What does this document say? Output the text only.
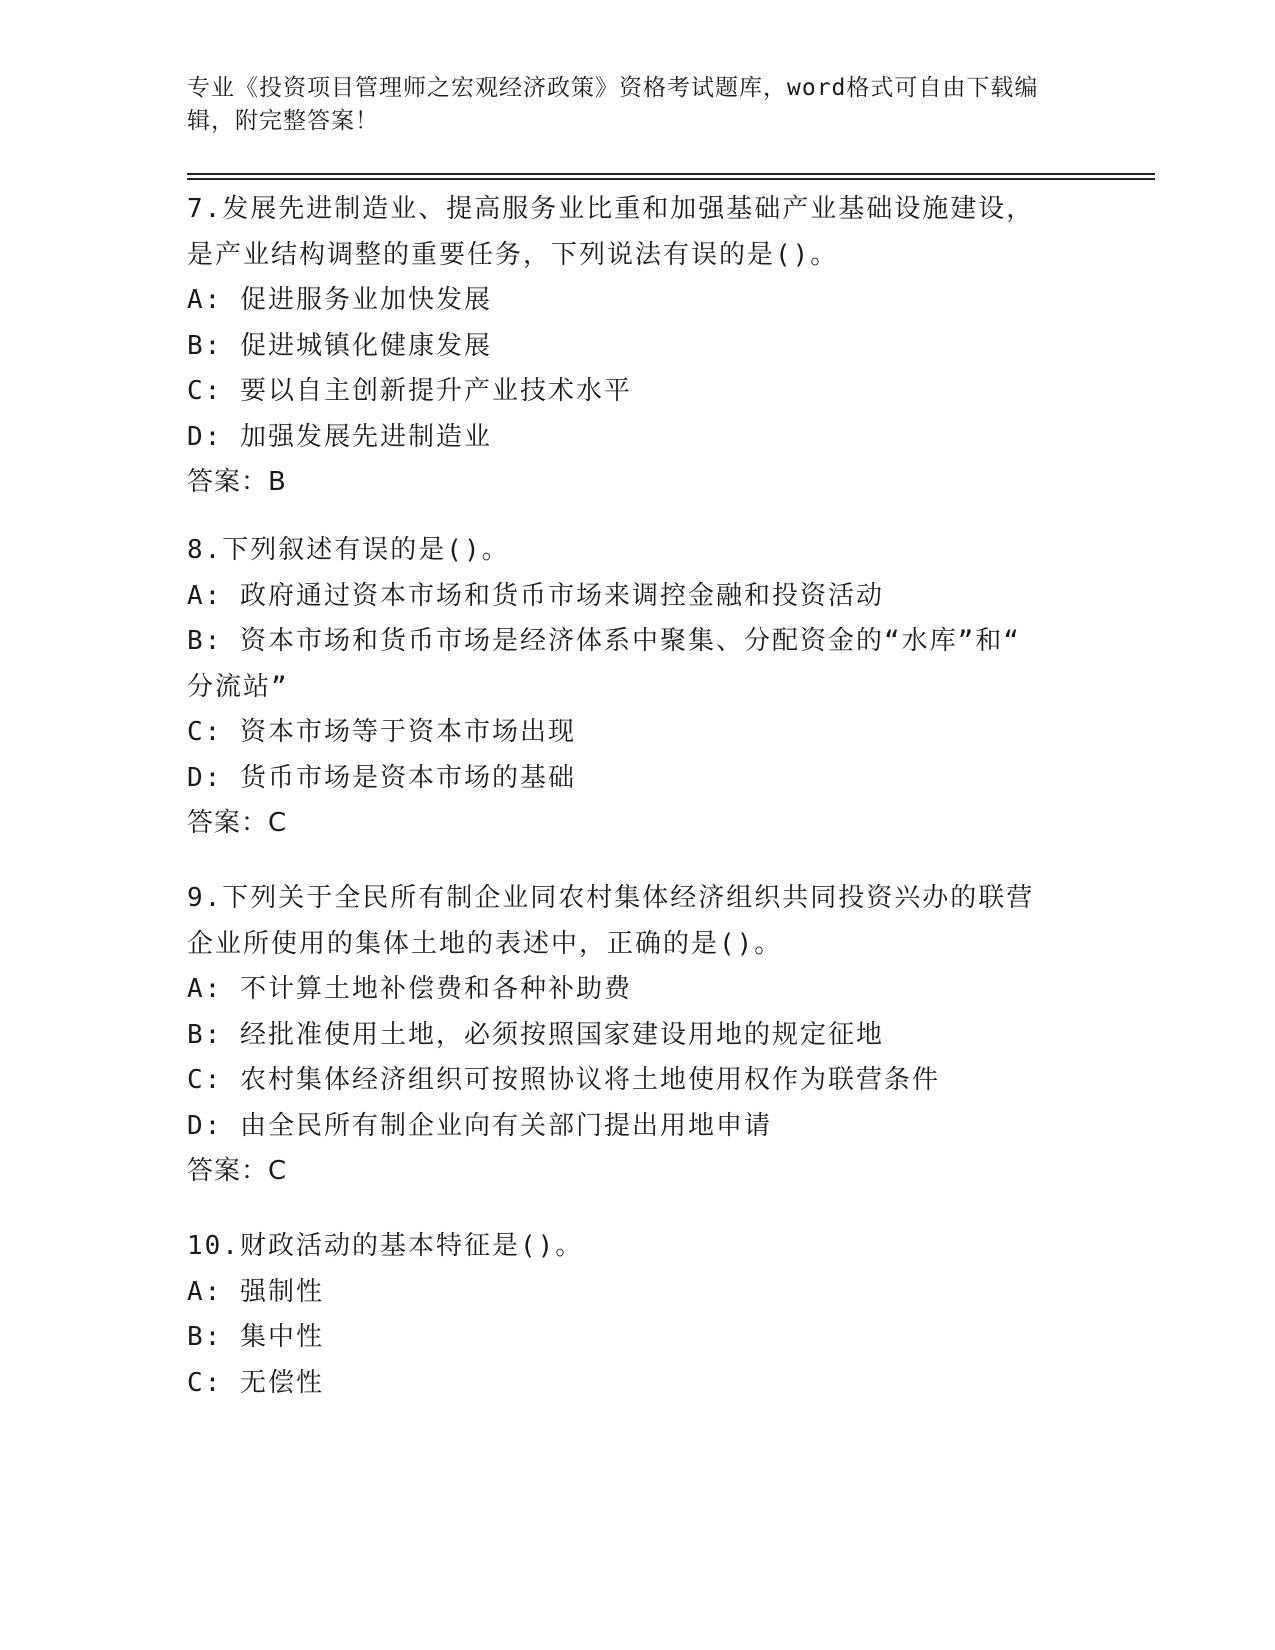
专业《投资项目管理师之宏观经济政策》资格考试题库，word格式可自由下载编
辑，附完整答案！
7.发展先进制造业、提高服务业比重和加强基础产业基础设施建设，
是产业结构调整的重要任务，下列说法有误的是()。
A: 促进服务业加快发展
B: 促进城镇化健康发展
C: 要以自主创新提升产业技术水平
D: 加强发展先进制造业
答案：B
8.下列叙述有误的是()。
A: 政府通过资本市场和货币市场来调控金融和投资活动
B: 资本市场和货币市场是经济体系中聚集、分配资金的“水库”和“
分流站”
C: 资本市场等于资本市场出现
D: 货币市场是资本市场的基础
答案：C
9.下列关于全民所有制企业同农村集体经济组织共同投资兴办的联营
企业所使用的集体土地的表述中，正确的是()。
A: 不计算土地补偿费和各种补助费
B: 经批准使用土地，必须按照国家建设用地的规定征地
C: 农村集体经济组织可按照协议将土地使用权作为联营条件
D: 由全民所有制企业向有关部门提出用地申请
答案：C
10.财政活动的基本特征是()。
A: 强制性
B: 集中性
C: 无偿性
